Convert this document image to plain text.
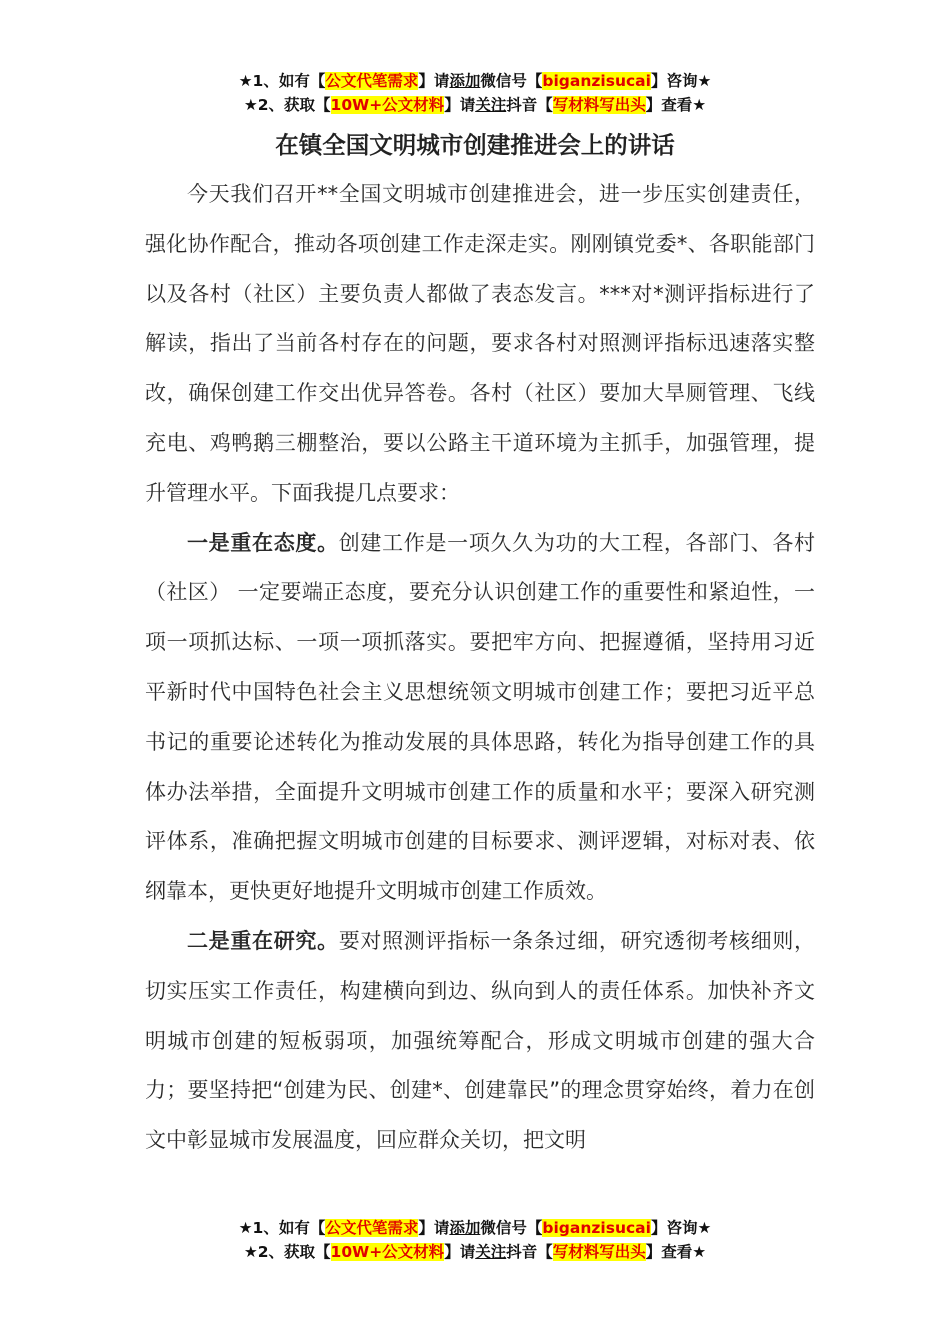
★1、如有【公文代笔需求】请添加微信号【biganzisucai】咨询★
★2、获取【10W+公文材料】请关注抖音【写材料写出头】查看★
在镇全国文明城市创建推进会上的讲话

今天我们召开**全国文明城市创建推进会，进一步压实创建责任，强化协作配合，推动各项创建工作走深走实。刚刚镇党委*、各职能部门以及各村（社区）主要负责人都做了表态发言。***对*测评指标进行了解读，指出了当前各村存在的问题，要求各村对照测评指标迅速落实整改，确保创建工作交出优异答卷。各村（社区）要加大旱厕管理、飞线充电、鸡鸭鹅三棚整治，要以公路主干道环境为主抓手，加强管理，提升管理水平。下面我提几点要求：

一是重在态度。创建工作是一项久久为功的大工程，各部门、各村（社区） 一定要端正态度，要充分认识创建工作的重要性和紧迫性，一项一项抓达标、一项一项抓落实。要把牢方向、把握遵循，坚持用习近平新时代中国特色社会主义思想统领文明城市创建工作；要把习近平总书记的重要论述转化为推动发展的具体思路，转化为指导创建工作的具体办法举措，全面提升文明城市创建工作的质量和水平；要深入研究测评体系，准确把握文明城市创建的目标要求、测评逻辑，对标对表、依纲靠本，更快更好地提升文明城市创建工作质效。

二是重在研究。要对照测评指标一条条过细，研究透彻考核细则，切实压实工作责任，构建横向到边、纵向到人的责任体系。加快补齐文明城市创建的短板弱项，加强统筹配合，形成文明城市创建的强大合力；要坚持把“创建为民、创建*、创建靠民”的理念贯穿始终，着力在创文中彰显城市发展温度，回应群众关切，把文明

★1、如有【公文代笔需求】请添加微信号【biganzisucai】咨询★
★2、获取【10W+公文材料】请关注抖音【写材料写出头】查看★
